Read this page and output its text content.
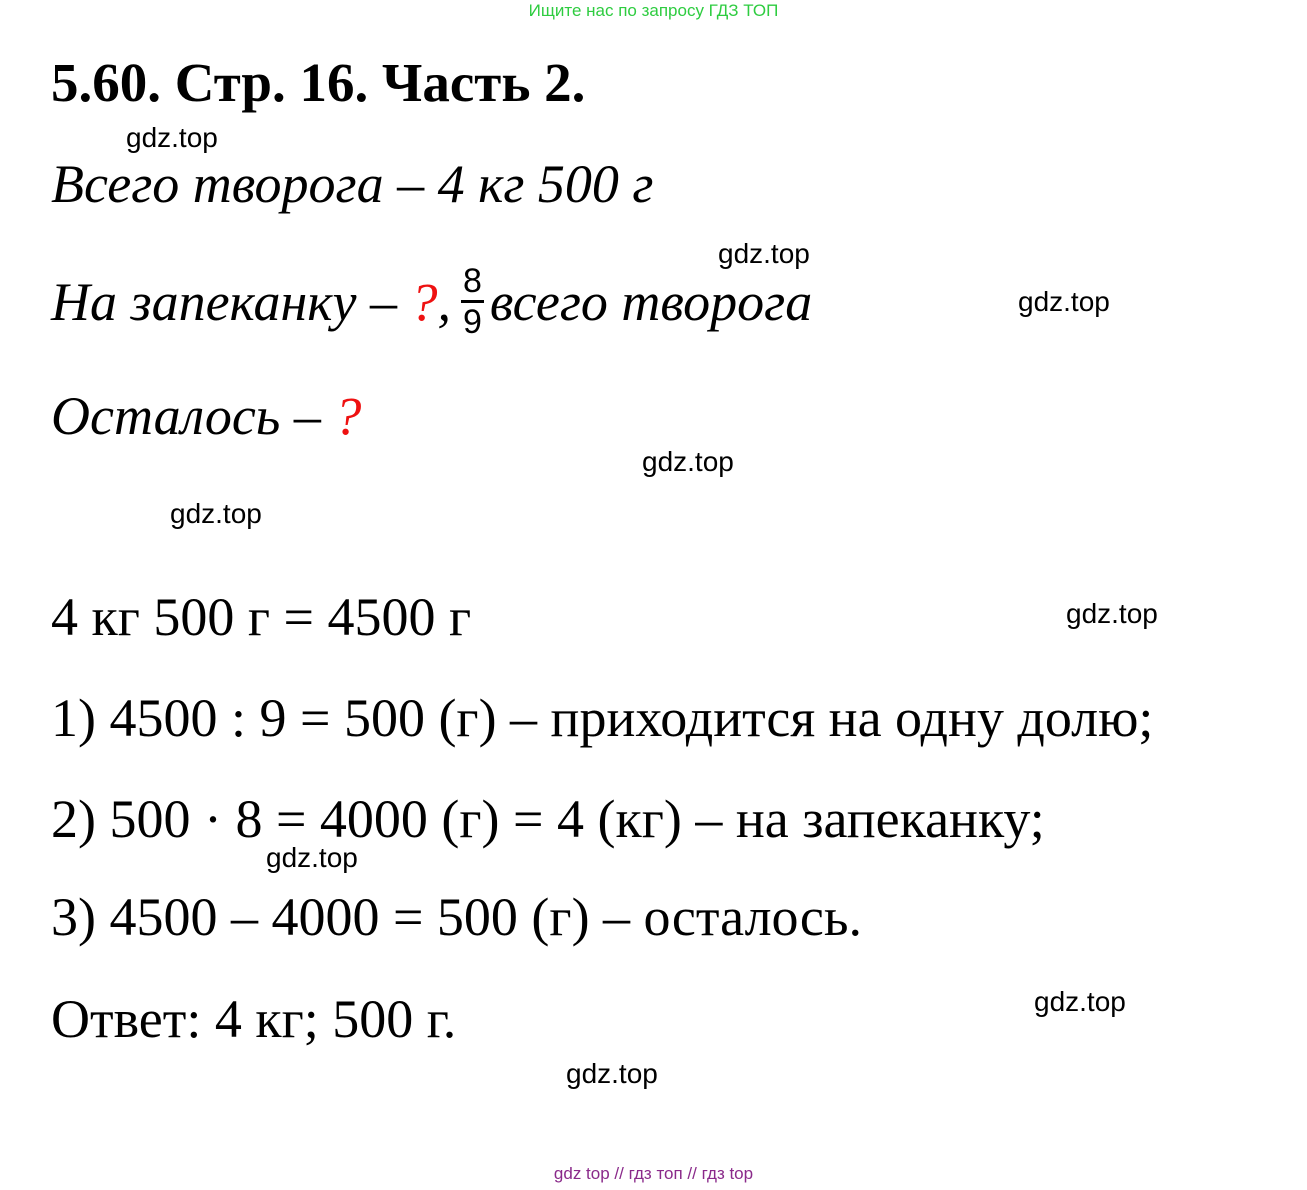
Ищите нас по запросу ГДЗ ТОП
5.60. Стр. 16. Часть 2.
Всего творога – 4 кг 500 г
На запеканку – ?, $\frac{8}{9}$ всего творога
Осталось – ?
4 кг 500 г = 4500 г
1) 4500 : 9 = 500 (г) – приходится на одну долю;
2) 500 · 8 = 4000 (г) = 4 (кг) – на запеканку;
3) 4500 – 4000 = 500 (г) – осталось.
Ответ: 4 кг; 500 г.
gdz.top
gdz.top
gdz.top
gdz.top
gdz.top
gdz.top
gdz.top
gdz.top
gdz.top
gdz top // гдз топ // гдз top
